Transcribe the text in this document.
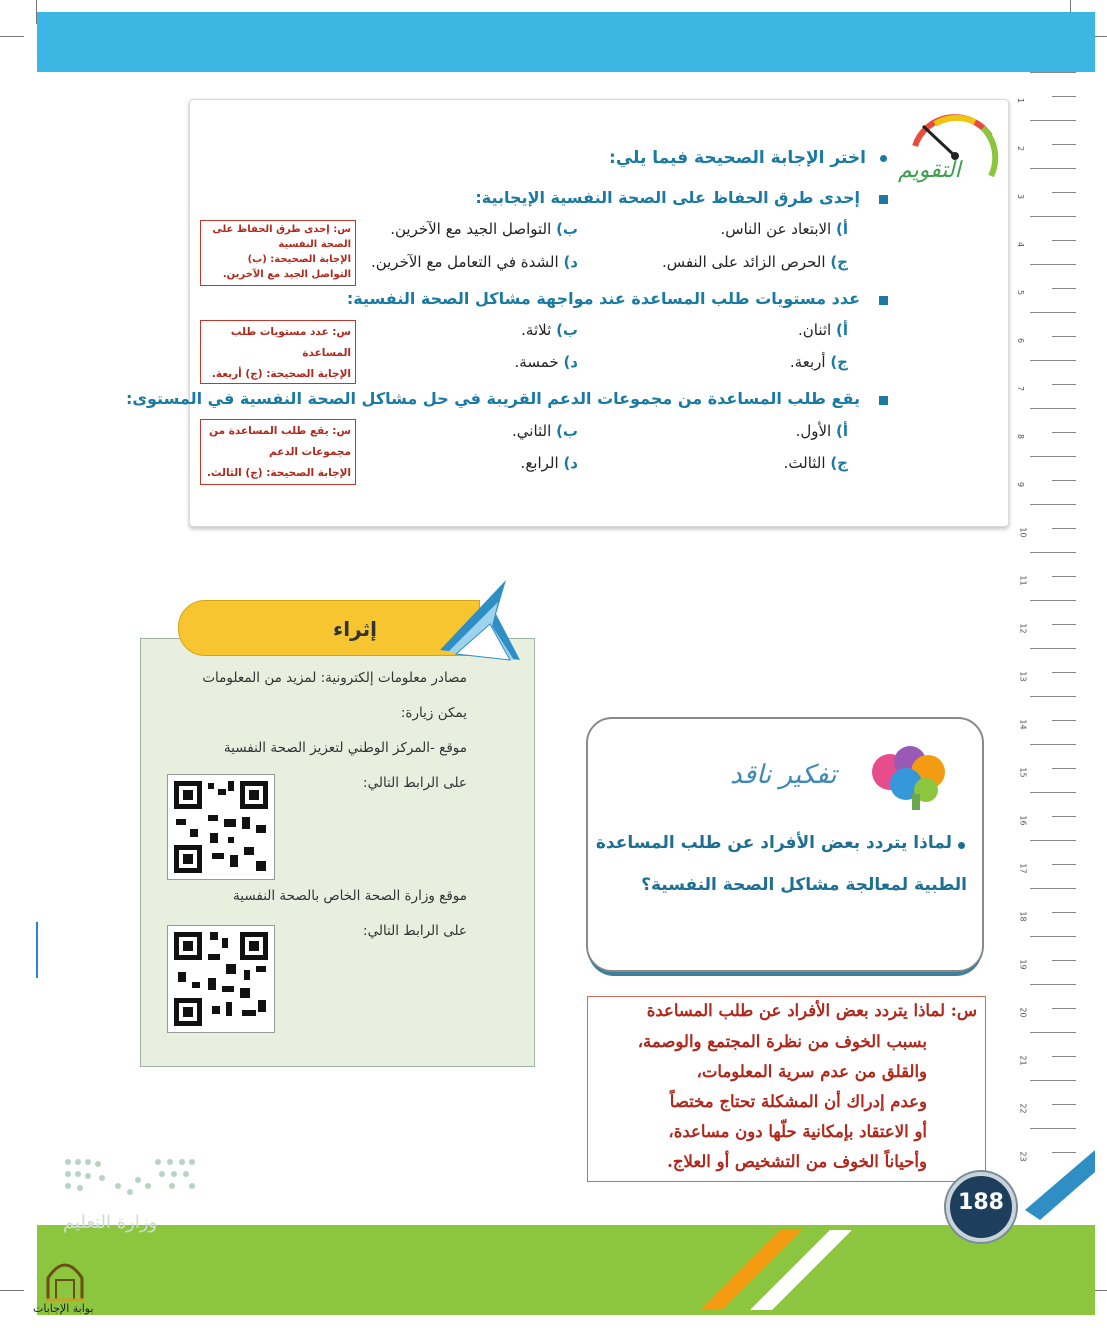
1
2
3
4
5
6
7
8
9
10
11
12
13
14
15
16
17
18
19
20
21
22
23
التقويم
اختر الإجابة الصحيحة فيما يلي:
إحدى طرق الحفاظ على الصحة النفسية الإيجابية:
أ) الابتعاد عن الناس.
ب) التواصل الجيد مع الآخرين.
ج) الحرص الزائد على النفس.
د) الشدة في التعامل مع الآخرين.
س: إحدى طرق الحفاظ على الصحة النفسية
الإجابة الصحيحة: (ب) التواصل الجيد مع الآخرين.
عدد مستويات طلب المساعدة عند مواجهة مشاكل الصحة النفسية:
أ) اثنان.
ب) ثلاثة.
ج) أربعة.
د) خمسة.
س: عدد مستويات طلب
المساعدة
الإجابة الصحيحة: (ج) أربعة.
يقع طلب المساعدة من مجموعات الدعم القريبة في حل مشاكل الصحة النفسية في المستوى:
أ) الأول.
ب) الثاني.
ج) الثالث.
د) الرابع.
س: يقع طلب المساعدة من
مجموعات الدعم
الإجابة الصحيحة: (ج) الثالث.
إثراء
مصادر معلومات إلكترونية: لمزيد من المعلومات
يمكن زيارة:
موقع -المركز الوطني لتعزيز الصحة النفسية
على الرابط التالي:
موقع وزارة الصحة الخاص بالصحة النفسية
على الرابط التالي:
تفكير ناقد
لماذا يتردد بعض الأفراد عن طلب المساعدة
الطبية لمعالجة مشاكل الصحة النفسية؟
س: لماذا يتردد بعض الأفراد عن طلب المساعدة
بسبب الخوف من نظرة المجتمع والوصمة،
والقلق من عدم سرية المعلومات،
وعدم إدراك أن المشكلة تحتاج مختصاً
أو الاعتقاد بإمكانية حلّها دون مساعدة،
وأحياناً الخوف من التشخيص أو العلاج.
188
وزارة التعليم
بوابة الإجابات
